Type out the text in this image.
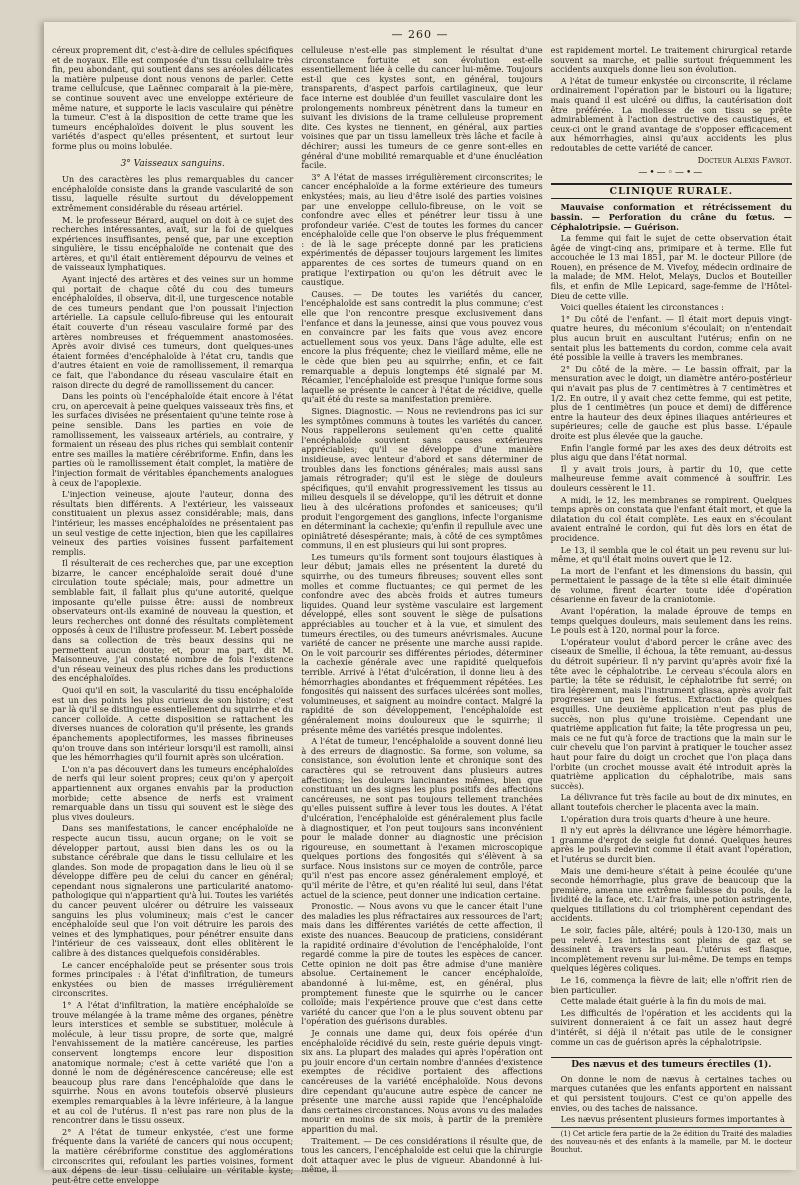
— 260 —

céreux proprement dit, c'est-à-dire de cellules spécifiques et de noyaux. Elle est composée d'un tissu cellulaire très fin, peu abondant, qui soutient dans ses aréoles délicates la matière pulpeuse dont nous venons de parler. Cette trame cellulcuse, que Laënnec comparait à la pie-mère, se continue souvent avec une enveloppe extérieure de même nature, et supporte le lacis vasculaire qui pénètre la tumeur. C'est à la disposition de cette trame que les tumeurs encéphaloïdes doivent le plus souvent les variétés d'aspect qu'elles présentent, et surtout leur forme plus ou moins lobulée.

3° Vaisseaux sanguins.

Un des caractères les plus remarquables du cancer encéphaloïde consiste dans la grande vascularité de son tissu, laquelle résulte surtout du développement extrêmement considérable du réseau artériel.

M. le professeur Bérard, auquel on doit à ce sujet des recherches intéressantes, avait, sur la foi de quelques expériences insuffisantes, pensé que, par une exception singulière, le tissu encéphaloïde ne contenait que des artères, et qu'il était entièrement dépourvu de veines et de vaisseaux lymphatiques.

Ayant injecté des artères et des veines sur un homme qui portait de chaque côté du cou des tumeurs encéphaloïdes, il observa, dit-il, une turgescence notable de ces tumeurs pendant que l'on poussait l'injection artérielle. La capsule cellulo-fibreuse qui les entourait était couverte d'un réseau vasculaire formé par des artères nombreuses et fréquemment anastomosées. Après avoir divisé ces tumeurs, dont quelques-unes étaient formées d'encéphaloïde à l'état cru, tandis que d'autres étaient en voie de ramollissement, il remarqua ce fait, que l'abondance du réseau vasculaire était en raison directe du degré de ramollissement du cancer.

Dans les points où l'encéphaloïde était encore à l'état cru, on apercevait à peine quelques vaisseaux très fins, et les surfaces divisées ne présentaient qu'une teinte rose à peine sensible. Dans les parties en voie de ramollissement, les vaisseaux artériels, au contraire, y formaient un réseau des plus riches qui semblait contenir entre ses mailles la matière cérébriforme. Enfin, dans les parties où le ramollissement était complet, la matière de l'injection formait de véritables épanchements analogues à ceux de l'apoplexie.

L'injection veineuse, ajoute l'auteur, donna des résultats bien différents. A l'extérieur, les vaisseaux constituaient un plexus assez considérable; mais, dans l'intérieur, les masses encéphaloïdes ne présentaient pas un seul vestige de cette injection, bien que les capillaires veineux des parties voisines fussent parfaitement remplis.

Il résulterait de ces recherches que, par une exception bizarre, le cancer encéphaloïde serait doué d'une circulation toute spéciale; mais, pour admettre un semblable fait, il fallait plus qu'une autorité, quelque imposante qu'elle puisse être: aussi de nombreux observateurs ont-ils examiné de nouveau la question, et leurs recherches ont donné des résultats complètement opposés à ceux de l'illustre professeur. M. Lebert possède dans sa collection de très beaux dessins qui ne permettent aucun doute; et, pour ma part, dit M. Maisonneuve, j'ai constaté nombre de fois l'existence d'un réseau veineux des plus riches dans les productions des encéphaloïdes.

Quoi qu'il en soit, la vascularité du tissu encéphaloïde est un des points les plus curieux de son histoire; c'est par là qu'il se distingue essentiellement du squirrhe et du cancer colloïde. A cette disposition se rattachent les diverses nuances de coloration qu'il présente, les grands épanchements apoplectiformes, les masses fibrineuses qu'on trouve dans son intérieur lorsqu'il est ramolli, ainsi que les hémorrhagies qu'il fournit après son ulcération.

L'on n'a pas découvert dans les tumeurs encéphaloïdes de nerfs qui leur soient propres; ceux qu'on y aperçoit appartiennent aux organes envahis par la production morbide; cette absence de nerfs est vraiment remarquable dans un tissu qui souvent est le siège des plus vives douleurs.

Dans ses manifestations, le cancer encéphaloïde ne respecte aucun tissu, aucun organe; on le voit se développer partout, aussi bien dans les os ou la substance cérébrale que dans le tissu cellulaire et les glandes. Son mode de propagation dans le lieu où il se développe diffère peu de celui du cancer en général; cependant nous signalerons une particularité anatomo-pathologique qui n'appartient qu'à lui. Toutes les variétés du cancer peuvent ulcérer ou détruire les vaisseaux sanguins les plus volumineux; mais c'est le cancer encéphaloïde seul que l'on voit détruire les parois des veines et des lymphatiques, pour pénétrer ensuite dans l'intérieur de ces vaisseaux, dont elles oblitèrent le calibre à des distances quelquefois considérables.

Le cancer encéphaloïde peut se présenter sous trois formes principales : à l'état d'infiltration, de tumeurs enkystées ou bien de masses irrégulièrement circonscrites.

1° A l'état d'infiltration, la matière encéphaloïde se trouve mélangée à la trame même des organes, pénètre leurs interstices et semble se substituer, molécule à molécule, à leur tissu propre, de sorte que, malgré l'envahissement de la matière cancéreuse, les parties conservent longtemps encore leur disposition anatomique normale; c'est à cette variété que l'on a donné le nom de dégénérescence cancéreuse; elle est beaucoup plus rare dans l'encéphaloïde que dans le squirrhe. Nous en avons toutefois observé plusieurs exemples remarquables à la lèvre inférieure, à la langue et au col de l'utérus. Il n'est pas rare non plus de la rencontrer dans le tissu osseux.

2° A l'état de tumeur enkystée, c'est une forme fréquente dans la variété de cancers qui nous occupent; la matière cérébriforme constitue des agglomérations circonscrites qui, refoulant les parties voisines, forment aux dépens de leur tissu cellulaire un véritable kyste; peut-être cette enveloppe

celluleuse n'est-elle pas simplement le résultat d'une circonstance fortuite et son évolution est-elle essentiellement liée à celle du cancer lui-même. Toujours est-il que ces kystes sont, en général, toujours transparents, d'aspect parfois cartilagineux, que leur face interne est doublée d'un feuillet vasculaire dont les prolongements nombreux pénètrent dans la tumeur en suivant les divisions de la trame celluleuse proprement dite. Ces kystes ne tiennent, en général, aux parties voisines que par un tissu lamelleux très lâche et facile à déchirer; aussi les tumeurs de ce genre sont-elles en général d'une mobilité remarquable et d'une énucléation facile.

3° A l'état de masses irrégulièrement circonscrites; le cancer encéphaloïde a la forme extérieure des tumeurs enkystées; mais, au lieu d'être isolé des parties voisines par une enveloppe cellulo-fibreuse, on le voit se confondre avec elles et pénétrer leur tissu à une profondeur variée. C'est de toutes les formes du cancer encéphaloïde celle que l'on observe le plus fréquemment : de là le sage précepte donné par les praticiens expérimentés de dépasser toujours largement les limites apparentes de ces sortes de tumeurs quand on en pratique l'extirpation ou qu'on les détruit avec le caustique.

Causes. — De toutes les variétés du cancer, l'encéphaloïde est sans contredit la plus commune; c'est elle que l'on rencontre presque exclusivement dans l'enfance et dans la jeunesse, ainsi que vous pouvez vous en convaincre par les faits que vous avez encore actuellement sous vos yeux. Dans l'âge adulte, elle est encore la plus fréquente; chez le vieillard même, elle ne le cède que bien peu au squirrhe; enfin, et ce fait remarquable a depuis longtemps été signalé par M. Récamier, l'encéphaloïde est presque l'unique forme sous laquelle se présente le cancer à l'état de récidive, quelle qu'ait été du reste sa manifestation première.

Signes. Diagnostic. — Nous ne reviendrons pas ici sur les symptômes communs à toutes les variétés du cancer. Nous rappellerons seulement qu'en cette qualité l'encéphaloïde souvient sans causes extérieures appréciables; qu'il se développe d'une manière insidieuse, avec lenteur d'abord et sans déterminer de troubles dans les fonctions générales; mais aussi sans jamais rétrograder; qu'il est le siège de douleurs spécifiques, qu'il envahit progressivement les tissus au milieu desquels il se développe, qu'il les détruit et donne lieu à des ulcérations profondes et saniceuses; qu'il produit l'engorgement des ganglions, infecte l'organisme en déterminant la cachexie; qu'enfin il repullule avec une opiniâtreté désespérante; mais, à côté de ces symptômes communs, il en est plusieurs qui lui sont propres.

Les tumeurs qu'ils forment sont toujours élastiques à leur début; jamais elles ne présentent la dureté du squirrhe, ou des tumeurs fibreuses; souvent elles sont molles et comme fluctuantes; ce qui permet de les confondre avec des abcès froids et autres tumeurs liquides. Quand leur système vasculaire est largement développé, elles sont souvent le siège de pulsations appréciables au toucher et à la vue, et simulent des tumeurs érectiles, ou des tumeurs anévrismales. Aucune variété de cancer ne présente une marche aussi rapide. On le voit parcourir ses différentes périodes, déterminer la cachexie générale avec une rapidité quelquefois terrible. Arrivé à l'état d'ulcération, il donne lieu à des hémorrhagies abondantes et fréquemment répétées. Les fongosités qui naissent des surfaces ulcérées sont molles, volumineuses, et saignent au moindre contact. Malgré la rapidité de son développement, l'encéphaloïde est généralement moins douloureux que le squirrhe; il présente même des variétés presque indolentes.

A l'état de tumeur, l'encéphaloïde a souvent donné lieu à des erreurs de diagnostic. Sa forme, son volume, sa consistance, son évolution lente et chronique sont des caractères qui se retrouvent dans plusieurs autres affections; les douleurs lancinantes mêmes, bien que constituant un des signes les plus positifs des affections cancéreuses, ne sont pas toujours tellement tranchées qu'elles puissent suffire à lever tous les doutes. A l'état d'ulcération, l'encéphaloïde est généralement plus facile à diagnostiquer, et l'on peut toujours sans inconvénient pour le malade donner au diagnostic une précision rigoureuse, en soumettant à l'examen microscopique quelques portions des fongosités qui s'élèvent à sa surface. Nous insistons sur ce moyen de contrôle, parce qu'il n'est pas encore assez généralement employé, et qu'il mérite de l'être, et qu'en réalité lui seul, dans l'état actuel de la science, peut donner une indication certaine.

Pronostic. — Nous avons vu que le cancer était l'une des maladies les plus réfractaires aux ressources de l'art; mais dans les différentes variétés de cette affection, il existe des nuances. Beaucoup de praticiens, considérant la rapidité ordinaire d'évolution de l'encéphaloïde, l'ont regardé comme la pire de toutes les espèces de cancer. Cette opinion ne doit pas être admise d'une manière absolue. Certainement le cancer encéphaloïde, abandonné à lui-même, est, en général, plus promptement funeste que le squirrhe ou le cancer colloïde; mais l'expérience prouve que c'est dans cette variété du cancer que l'on a le plus souvent obtenu par l'opération des guérisons durables.

Je connais une dame qui, deux fois opérée d'un encéphaloïde récidivé du sein, reste guérie depuis vingt-six ans. La plupart des malades qui après l'opération ont pu jouir encore d'un certain nombre d'années d'existence exemptes de récidive portaient des affections cancéreuses de la variété encéphaloïde. Nous devons dire cependant qu'aucune autre espèce de cancer ne présente une marche aussi rapide que l'encéphaloïde dans certaines circonstances. Nous avons vu des malades mourir en moins de six mois, à partir de la première apparition du mal.

Traitement. — De ces considérations il résulte que, de tous les cancers, l'encéphaloïde est celui que la chirurgie doit attaquer avec le plus de vigueur. Abandonné à lui-même, il

est rapidement mortel. Le traitement chirurgical retarde souvent sa marche, et pallie surtout fréquemment les accidents auxquels donne lieu son évolution.

A l'état de tumeur enkystée ou circonscrite, il réclame ordinairement l'opération par le bistouri ou la ligature; mais quand il est ulcéré ou diffus, la cautérisation doit être préférée. La mollesse de son tissu se prête admirablement à l'action destructive des caustiques, et ceux-ci ont le grand avantage de s'opposer efficacement aux hémorrhagies, ainsi qu'aux accidents les plus redoutables de cette variété de cancer.

Docteur Alexis Favrot.
—•—◦—•—
CLINIQUE RURALE.

Mauvaise conformation et rétrécissement du bassin. — Perforation du crâne du fœtus. — Céphalotripsie. — Guérison.

La femme qui fait le sujet de cette observation était âgée de vingt-cinq ans, primipare et à terme. Elle fut accouchée le 13 mai 1851, par M. le docteur Pillore (de Rouen), en présence de M. Vivefoy, médecin ordinaire de la malade; de MM. Helot, Melays, Duclos et Bouteiller fils, et enfin de Mlle Lepicard, sage-femme de l'Hôtel-Dieu de cette ville.

Voici quelles étaient les circonstances :

1° Du côté de l'enfant. — Il était mort depuis vingt-quatre heures, du méconium s'écoulait; on n'entendait plus aucun bruit en auscultant l'utérus; enfin on ne sentait plus les battements du cordon, comme cela avait été possible la veille à travers les membranes.

2° Du côté de la mère. — Le bassin offrait, par la mensuration avec le doigt, un diamètre antéro-postérieur qui n'avait pas plus de 7 centimètres à 7 centimètres et 1/2. En outre, il y avait chez cette femme, qui est petite, plus de 1 centimètres (un pouce et demi) de différence entre la hauteur des deux épines iliaques antérieures et supérieures; celle de gauche est plus basse. L'épaule droite est plus élevée que la gauche.

Enfin l'angle formé par les axes des deux détroits est plus aigu que dans l'état normal.

Il y avait trois jours, à partir du 10, que cette malheureuse femme avait commencé à souffrir. Les douleurs cessèrent le 11.

A midi, le 12, les membranes se rompirent. Quelques temps après on constata que l'enfant était mort, et que la dilatation du col était complète. Les eaux en s'écoulant avaient entraîné le cordon, qui fut dès lors en état de procidence.

Le 13, il sembla que le col était un peu revenu sur lui-même, et qu'il était moins ouvert que le 12.

La mort de l'enfant et les dimensions du bassin, qui permettaient le passage de la tête si elle était diminuée de volume, firent écarter toute idée d'opération césarienne en faveur de la craniotomie.

Avant l'opération, la malade éprouve de temps en temps quelques douleurs, mais seulement dans les reins. Le pouls est à 120, normal pour la force.

L'opérateur voulut d'abord percer le crâne avec des ciseaux de Smellie, il échoua, la tête remuant, au-dessus du détroit supérieur. Il n'y parvint qu'après avoir fixé la tête avec le céphalotribe. Le cerveau s'écoula alors en partie; la tête se réduisit, le céphalotribe fut serré; on tira légèrement, mais l'instrument glissa, après avoir fait progresser un peu le fœtus. Extraction de quelques esquilles. Une deuxième application n'eut pas plus de succès, non plus qu'une troisième. Cependant une quatrième application fut faite; la tête progressa un peu, mais ce ne fut qu'à force de tractions que la main sur le cuir chevelu que l'on parvint à pratiquer le toucher assez haut pour faire du doigt un crochet que l'on plaça dans l'orbite (un crochet mousse avait été introduit après la quatrième application du céphalotribe, mais sans succès).

La délivrance fut très facile au bout de dix minutes, en allant toutefois chercher le placenta avec la main.

L'opération dura trois quarts d'heure à une heure.

Il n'y eut après la délivrance une légère hémorrhagie. 1 gramme d'ergot de seigle fut donné. Quelques heures après le pouls redevint comme il était avant l'opération, et l'utérus se durcit bien.

Mais une demi-heure s'était à peine écoulée qu'une seconde hémorrhagie, plus grave de beaucoup que la première, amena une extrême faiblesse du pouls, de la lividité de la face, etc. L'air frais, une potion astringente, quelques titillations du col triomphèrent cependant des accidents.

Le soir, facies pâle, altéré; pouls à 120-130, mais un peu relevé. Les intestins sont pleins de gaz et se dessinent à travers la peau. L'utérus est flasque, incomplètement revenu sur lui-même. De temps en temps quelques légères coliques.

Le 16, commença la fièvre de lait; elle n'offrit rien de bien particulier.

Cette malade était guérie à la fin du mois de mai.

Les difficultés de l'opération et les accidents qui la suivirent donneraient à ce fait un assez haut degré d'intérêt, si déjà il n'était pas utile de le consigner comme un cas de guérison après la céphalotripsie.

Des nævus et des tumeurs érectiles (1).

On donne le nom de nævus à certaines taches ou marques cutanées que les enfants apportent en naissant et qui persistent toujours. C'est ce qu'on appelle des envies, ou des taches de naissance.

Les nævus présentent plusieurs formes importantes à

(1) Cet article fera partie de la 2e édition du Traité des maladies des nouveau-nés et des enfants à la mamelle, par M. le docteur Bouchut.
